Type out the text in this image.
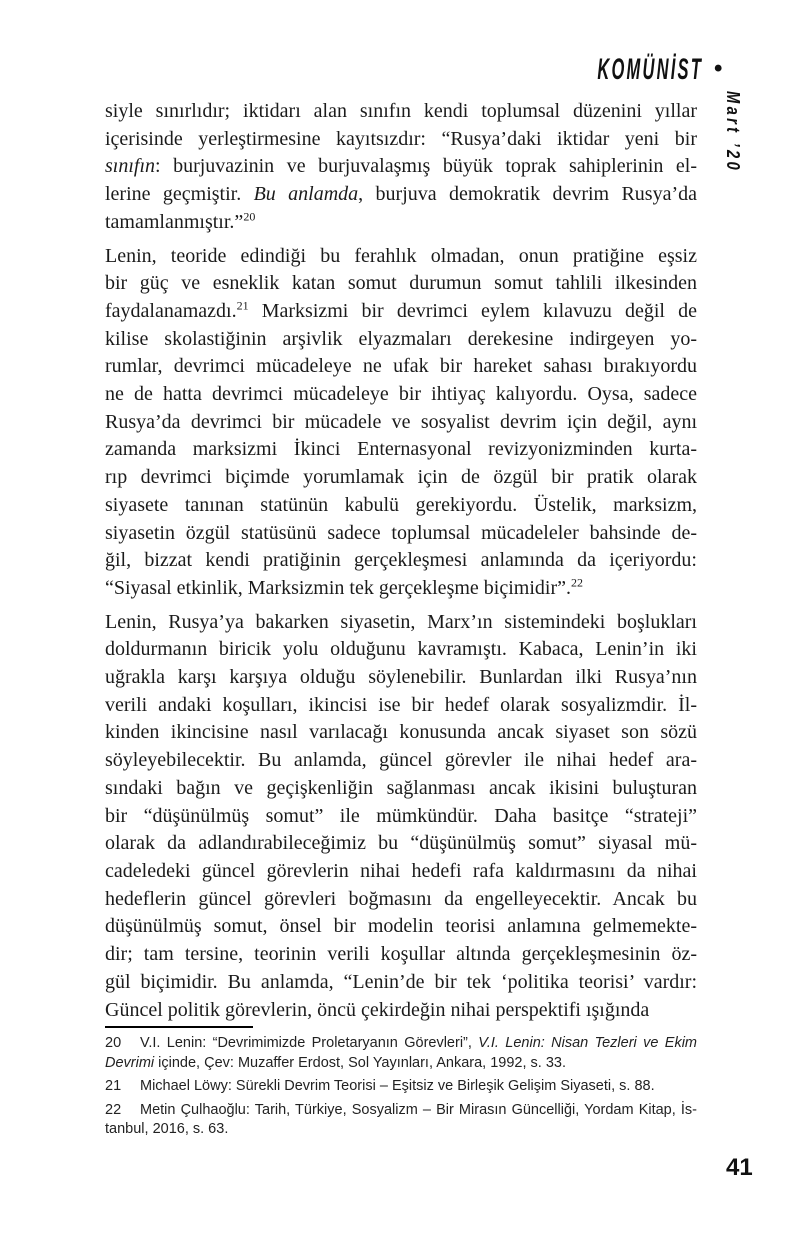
KOMÜNİST •
Mart ’20
siyle sınırlıdır; iktidarı alan sınıfın kendi toplumsal düzenini yıllar
içerisinde yerleştirmesine kayıtsızdır: “Rusya’daki iktidar yeni bir
sınıfın: burjuvazinin ve burjuvalaşmış büyük toprak sahiplerinin el-
lerine geçmiştir. Bu anlamda, burjuva demokratik devrim Rusya’da
tamamlanmıştır.”$^{20}$
Lenin, teoride edindiği bu ferahlık olmadan, onun pratiğine eşsiz
bir güç ve esneklik katan somut durumun somut tahlili ilkesinden
faydalanamazdı.$^{21}$ Marksizmi bir devrimci eylem kılavuzu değil de
kilise skolastiğinin arşivlik elyazmaları derekesine indirgeyen yo-
rumlar, devrimci mücadeleye ne ufak bir hareket sahası bırakıyordu
ne de hatta devrimci mücadeleye bir ihtiyaç kalıyordu. Oysa, sadece
Rusya’da devrimci bir mücadele ve sosyalist devrim için değil, aynı
zamanda marksizmi İkinci Enternasyonal revizyonizminden kurta-
rıp devrimci biçimde yorumlamak için de özgül bir pratik olarak
siyasete tanınan statünün kabulü gerekiyordu. Üstelik, marksizm,
siyasetin özgül statüsünü sadece toplumsal mücadeleler bahsinde de-
ğil, bizzat kendi pratiğinin gerçekleşmesi anlamında da içeriyordu:
“Siyasal etkinlik, Marksizmin tek gerçekleşme biçimidir”.$^{22}$
Lenin, Rusya’ya bakarken siyasetin, Marx’ın sistemindeki boşlukları
doldurmanın biricik yolu olduğunu kavramıştı. Kabaca, Lenin’in iki
uğrakla karşı karşıya olduğu söylenebilir. Bunlardan ilki Rusya’nın
verili andaki koşulları, ikincisi ise bir hedef olarak sosyalizmdir. İl-
kinden ikincisine nasıl varılacağı konusunda ancak siyaset son sözü
söyleyebilecektir. Bu anlamda, güncel görevler ile nihai hedef ara-
sındaki bağın ve geçişkenliğin sağlanması ancak ikisini buluşturan
bir “düşünülmüş somut” ile mümkündür. Daha basitçe “strateji”
olarak da adlandırabileceğimiz bu “düşünülmüş somut” siyasal mü-
cadeledeki güncel görevlerin nihai hedefi rafa kaldırmasını da nihai
hedeflerin güncel görevleri boğmasını da engelleyecektir. Ancak bu
düşünülmüş somut, önsel bir modelin teorisi anlamına gelmemekte-
dir; tam tersine, teorinin verili koşullar altında gerçekleşmesinin öz-
gül biçimidir. Bu anlamda, “Lenin’de bir tek ‘politika teorisi’ vardır:
Güncel politik görevlerin, öncü çekirdeğin nihai perspektifi ışığında
20 V.I. Lenin: “Devrimimizde Proletaryanın Görevleri”, V.I. Lenin: Nisan Tezleri ve Ekim
Devrimi içinde, Çev: Muzaffer Erdost, Sol Yayınları, Ankara, 1992, s. 33.
21 Michael Löwy: Sürekli Devrim Teorisi – Eşitsiz ve Birleşik Gelişim Siyaseti, s. 88.
22 Metin Çulhaoğlu: Tarih, Türkiye, Sosyalizm – Bir Mirasın Güncelliği, Yordam Kitap, İs-
tanbul, 2016, s. 63.
41
